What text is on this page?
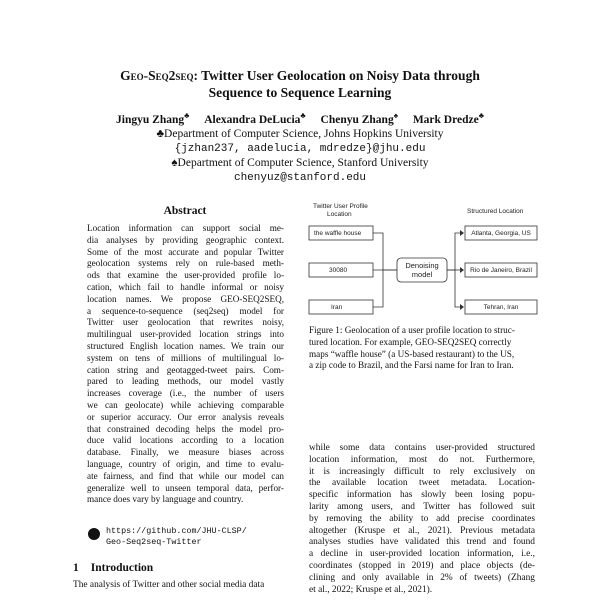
Geo-Seq2seq: Twitter User Geolocation on Noisy Data through
Sequence to Sequence Learning
Jingyu Zhang♣ Alexandra DeLucia♣ Chenyu Zhang♠ Mark Dredze♣
♣Department of Computer Science, Johns Hopkins University
{jzhan237, aadelucia, mdredze}@jhu.edu
♠Department of Computer Science, Stanford University
chenyuz@stanford.edu
Abstract
Location information can support social me-
dia analyses by providing geographic context.
Some of the most accurate and popular Twitter
geolocation systems rely on rule-based meth-
ods that examine the user-provided profile lo-
cation, which fail to handle informal or noisy
location names. We propose GEO-SEQ2SEQ,
a sequence-to-sequence (seq2seq) model for
Twitter user geolocation that rewrites noisy,
multilingual user-provided location strings into
structured English location names. We train our
system on tens of millions of multilingual lo-
cation string and geotagged-tweet pairs. Com-
pared to leading methods, our model vastly
increases coverage (i.e., the number of users
we can geolocate) while achieving comparable
or superior accuracy. Our error analysis reveals
that constrained decoding helps the model pro-
duce valid locations according to a location
database. Finally, we measure biases across
language, country of origin, and time to evalu-
ate fairness, and find that while our model can
generalize well to unseen temporal data, perfor-
mance does vary by language and country.
https://github.com/JHU-CLSP/
Geo-Seq2seq-Twitter
1 Introduction
The analysis of Twitter and other social media data
Twitter User Profile
Location	Structured Location
the waffle house
30080
Iran
Denoising
model
Atlanta, Georgia, US
Rio de Janeiro, Brazil
Tehran, Iran
Figure 1: Geolocation of a user profile location to struc-
tured location. For example, GEO-SEQ2SEQ correctly
maps “waffle house” (a US-based restaurant) to the US,
a zip code to Brazil, and the Farsi name for Iran to Iran.
while some data contains user-provided structured
location information, most do not. Furthermore,
it is increasingly difficult to rely exclusively on
the available location tweet metadata. Location-
specific information has slowly been losing popu-
larity among users, and Twitter has followed suit
by removing the ability to add precise coordinates
altogether (Kruspe et al., 2021). Previous metadata
analyses studies have validated this trend and found
a decline in user-provided location information, i.e.,
coordinates (stopped in 2019) and place objects (de-
clining and only available in 2% of tweets) (Zhang
et al., 2022; Kruspe et al., 2021).
